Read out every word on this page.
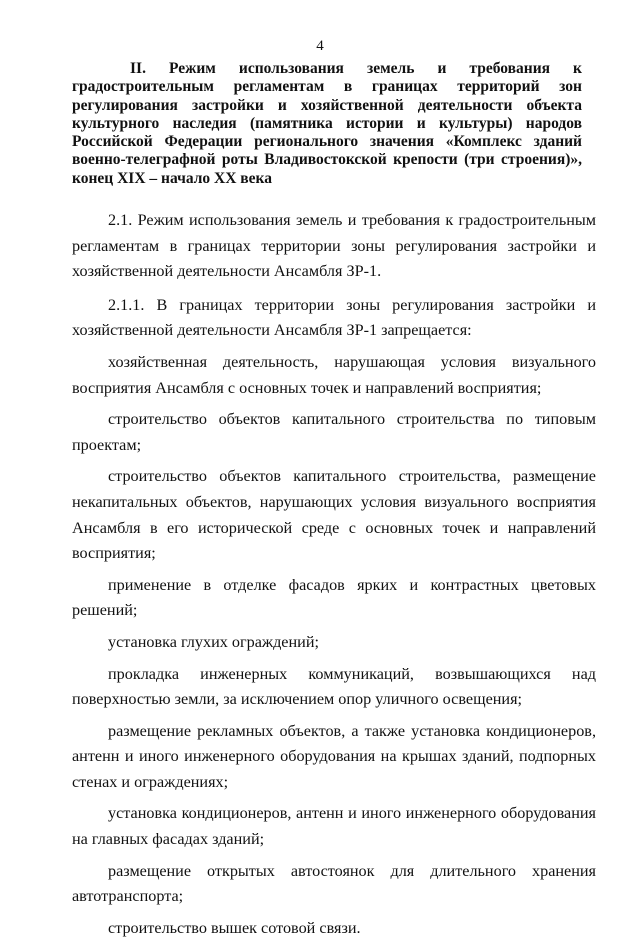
4
II. Режим использования земель и требования к
градостроительным регламентам в границах территорий зон
регулирования застройки и хозяйственной деятельности объекта
культурного наследия (памятника истории и культуры) народов
Российской Федерации регионального значения «Комплекс зданий
военно-телеграфной роты Владивостокской крепости (три строения)»,
конец XIX – начало XX века

2.1. Режим использования земель и требования к градостроительным регламентам в границах территории зоны регулирования застройки и хозяйственной деятельности Ансамбля ЗР-1.

2.1.1. В границах территории зоны регулирования застройки и хозяйственной деятельности Ансамбля ЗР-1 запрещается:

хозяйственная деятельность, нарушающая условия визуального восприятия Ансамбля с основных точек и направлений восприятия;

строительство объектов капитального строительства по типовым проектам;

строительство объектов капитального строительства, размещение некапитальных объектов, нарушающих условия визуального восприятия Ансамбля в его исторической среде с основных точек и направлений восприятия;

применение в отделке фасадов ярких и контрастных цветовых решений;

установка глухих ограждений;

прокладка инженерных коммуникаций, возвышающихся над поверхностью земли, за исключением опор уличного освещения;

размещение рекламных объектов, а также установка кондиционеров, антенн и иного инженерного оборудования на крышах зданий, подпорных стенах и ограждениях;

установка кондиционеров, антенн и иного инженерного оборудования на главных фасадах зданий;

размещение открытых автостоянок для длительного хранения автотранспорта;

строительство вышек сотовой связи.
